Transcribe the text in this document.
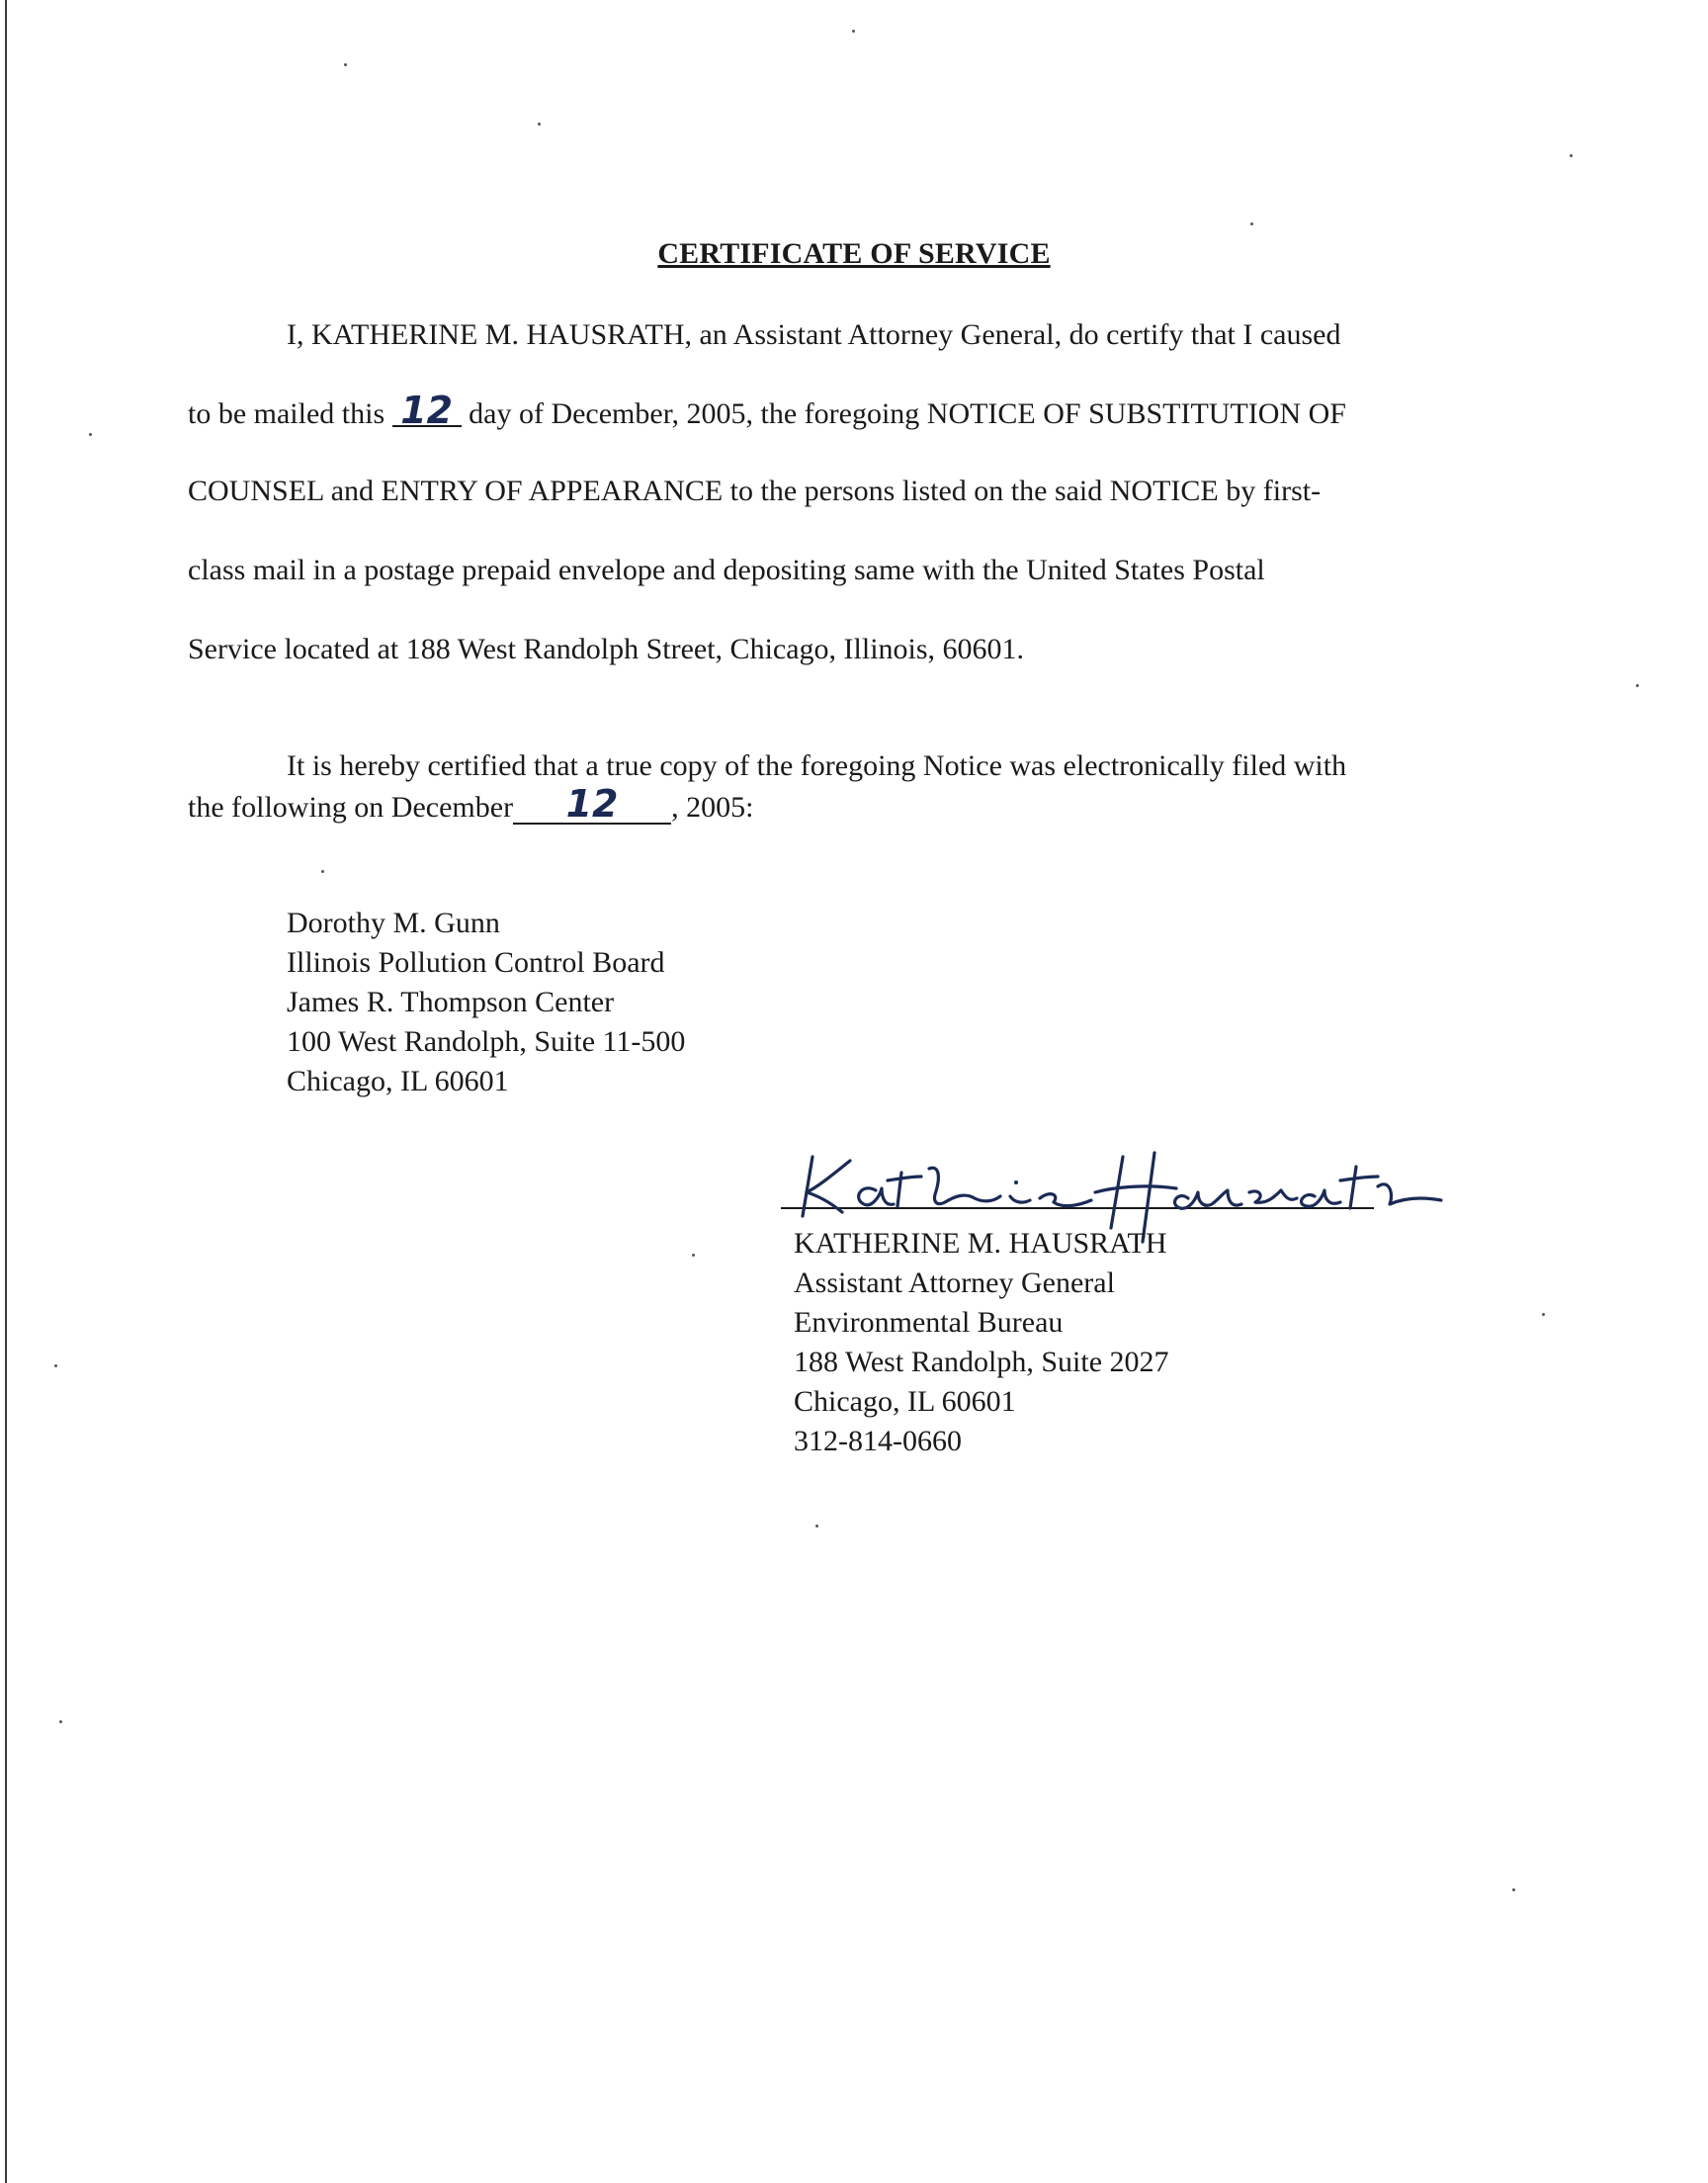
CERTIFICATE OF SERVICE
I, KATHERINE M. HAUSRATH, an Assistant Attorney General, do certify that I caused
to be mailed this 12 day of December, 2005, the foregoing NOTICE OF SUBSTITUTION OF
COUNSEL and ENTRY OF APPEARANCE to the persons listed on the said NOTICE by first-
class mail in a postage prepaid envelope and depositing same with the United States Postal
Service located at 188 West Randolph Street, Chicago, Illinois, 60601.
It is hereby certified that a true copy of the foregoing Notice was electronically filed with
the following on December 12 , 2005:
Dorothy M. Gunn
Illinois Pollution Control Board
James R. Thompson Center
100 West Randolph, Suite 11-500
Chicago, IL 60601
KATHERINE M. HAUSRATH
Assistant Attorney General
Environmental Bureau
188 West Randolph, Suite 2027
Chicago, IL 60601
312-814-0660
